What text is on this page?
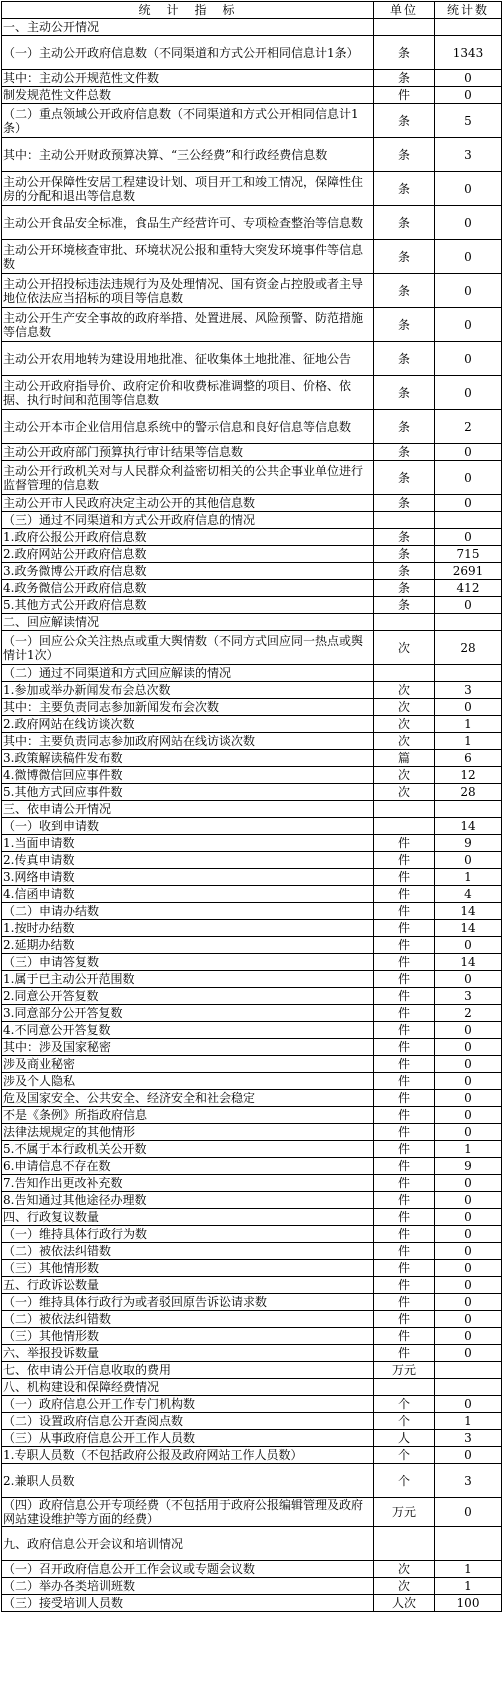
统　计　指　标	单位	统计数
一、主动公开情况		
（一）主动公开政府信息数（不同渠道和方式公开相同信息计1条）	条	1343
其中：主动公开规范性文件数	条	0
制发规范性文件总数	件	0
（二）重点领域公开政府信息数（不同渠道和方式公开相同信息计1条）	条	5
其中：主动公开财政预算决算、“三公经费”和行政经费信息数	条	3
主动公开保障性安居工程建设计划、项目开工和竣工情况，保障性住房的分配和退出等信息数	条	0
主动公开食品安全标准，食品生产经营许可、专项检查整治等信息数	条	0
主动公开环境核查审批、环境状况公报和重特大突发环境事件等信息数	条	0
主动公开招投标违法违规行为及处理情况、国有资金占控股或者主导地位依法应当招标的项目等信息数	条	0
主动公开生产安全事故的政府举措、处置进展、风险预警、防范措施等信息数	条	0
主动公开农用地转为建设用地批准、征收集体土地批准、征地公告	条	0
主动公开政府指导价、政府定价和收费标准调整的项目、价格、依据、执行时间和范围等信息数	条	0
主动公开本市企业信用信息系统中的警示信息和良好信息等信息数	条	2
主动公开政府部门预算执行审计结果等信息数	条	0
主动公开行政机关对与人民群众利益密切相关的公共企事业单位进行监督管理的信息数	条	0
主动公开市人民政府决定主动公开的其他信息数	条	0
（三）通过不同渠道和方式公开政府信息的情况		
1.政府公报公开政府信息数	条	0
2.政府网站公开政府信息数	条	715
3.政务微博公开政府信息数	条	2691
4.政务微信公开政府信息数	条	412
5.其他方式公开政府信息数	条	0
二、回应解读情况		
（一）回应公众关注热点或重大舆情数（不同方式回应同一热点或舆情计1次）	次	28
（二）通过不同渠道和方式回应解读的情况		
1.参加或举办新闻发布会总次数	次	3
其中：主要负责同志参加新闻发布会次数	次	0
2.政府网站在线访谈次数	次	1
其中：主要负责同志参加政府网站在线访谈次数	次	1
3.政策解读稿件发布数	篇	6
4.微博微信回应事件数	次	12
5.其他方式回应事件数	次	28
三、依申请公开情况		
（一）收到申请数		14
1.当面申请数	件	9
2.传真申请数	件	0
3.网络申请数	件	1
4.信函申请数	件	4
（二）申请办结数	件	14
1.按时办结数	件	14
2.延期办结数	件	0
（三）申请答复数	件	14
1.属于已主动公开范围数	件	0
2.同意公开答复数	件	3
3.同意部分公开答复数	件	2
4.不同意公开答复数	件	0
其中：涉及国家秘密	件	0
涉及商业秘密	件	0
涉及个人隐私	件	0
危及国家安全、公共安全、经济安全和社会稳定	件	0
不是《条例》所指政府信息	件	0
法律法规规定的其他情形	件	0
5.不属于本行政机关公开数	件	1
6.申请信息不存在数	件	9
7.告知作出更改补充数	件	0
8.告知通过其他途径办理数	件	0
四、行政复议数量	件	0
（一）维持具体行政行为数	件	0
（二）被依法纠错数	件	0
（三）其他情形数	件	0
五、行政诉讼数量	件	0
（一）维持具体行政行为或者驳回原告诉讼请求数	件	0
（二）被依法纠错数	件	0
（三）其他情形数	件	0
六、举报投诉数量	件	0
七、依申请公开信息收取的费用	万元	
八、机构建设和保障经费情况		
（一）政府信息公开工作专门机构数	个	0
（二）设置政府信息公开查阅点数	个	1
（三）从事政府信息公开工作人员数	人	3
1.专职人员数（不包括政府公报及政府网站工作人员数）	个	0
2.兼职人员数	个	3
（四）政府信息公开专项经费（不包括用于政府公报编辑管理及政府网站建设维护等方面的经费）	万元	0
九、政府信息公开会议和培训情况		
（一）召开政府信息公开工作会议或专题会议数	次	1
（二）举办各类培训班数	次	1
（三）接受培训人员数	人次	100
